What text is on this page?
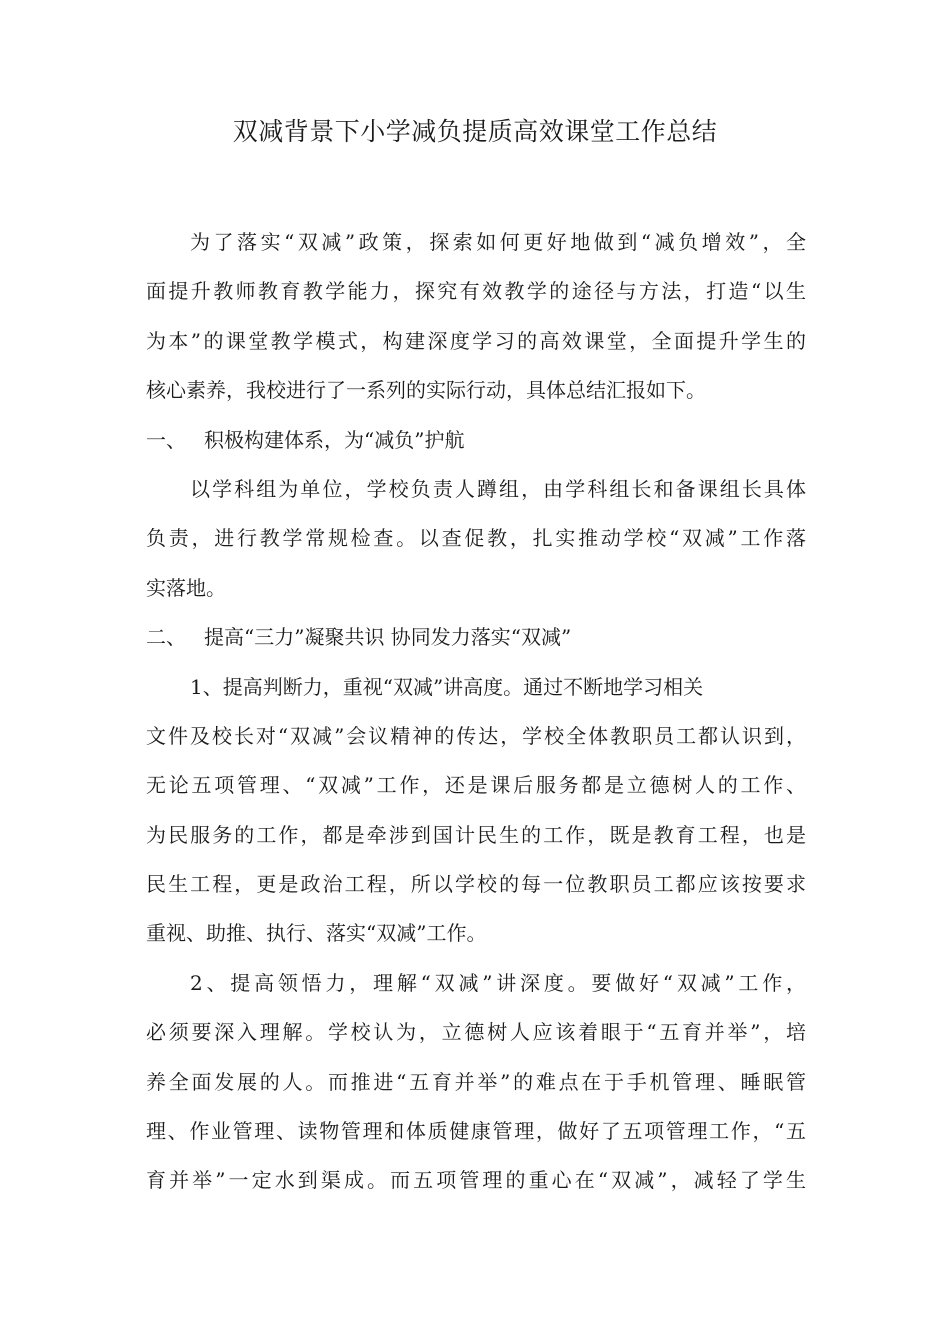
双减背景下小学减负提质高效课堂工作总结
为了落实“双减”政策，探索如何更好地做到“减负增效”，全
面提升教师教育教学能力，探究有效教学的途径与方法，打造“以生
为本”的课堂教学模式，构建深度学习的高效课堂，全面提升学生的
核心素养，我校进行了一系列的实际行动，具体总结汇报如下。
一、 积极构建体系，为“减负”护航
以学科组为单位，学校负责人蹲组，由学科组长和备课组长具体
负责，进行教学常规检查。以查促教，扎实推动学校“双减”工作落
实落地。
二、 提高“三力”凝聚共识 协同发力落实“双减”
1、提高判断力，重视“双减”讲高度。通过不断地学习相关
文件及校长对“双减”会议精神的传达，学校全体教职员工都认识到，
无论五项管理、“双减”工作，还是课后服务都是立德树人的工作、
为民服务的工作，都是牵涉到国计民生的工作，既是教育工程，也是
民生工程，更是政治工程，所以学校的每一位教职员工都应该按要求
重视、助推、执行、落实“双减”工作。
2、提高领悟力，理解“双减”讲深度。要做好“双减”工作，
必须要深入理解。学校认为，立德树人应该着眼于“五育并举”，培
养全面发展的人。而推进“五育并举”的难点在于手机管理、睡眠管
理、作业管理、读物管理和体质健康管理，做好了五项管理工作，“五
育并举”一定水到渠成。而五项管理的重心在“双减”，减轻了学生
